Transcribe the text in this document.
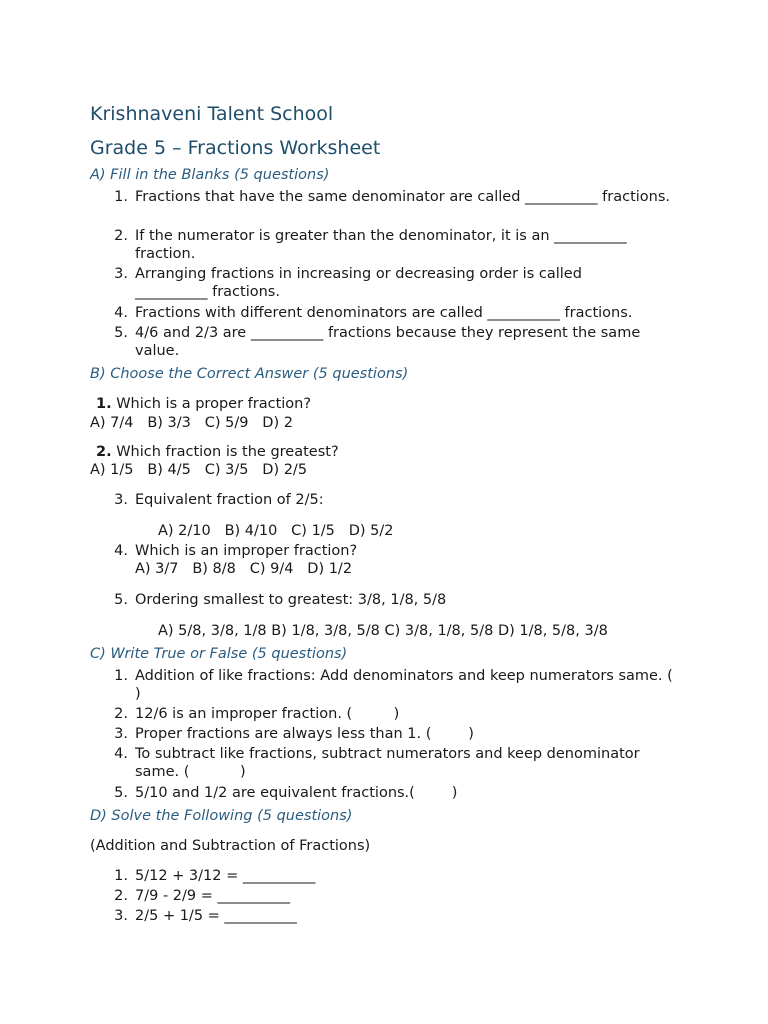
Krishnaveni Talent School
Grade 5 – Fractions Worksheet
A) Fill in the Blanks (5 questions)
1. Fractions that have the same denominator are called __________ fractions.
2. If the numerator is greater than the denominator, it is an __________ fraction.
3. Arranging fractions in increasing or decreasing order is called __________ fractions.
4. Fractions with different denominators are called __________ fractions.
5. 4/6 and 2/3 are __________ fractions because they represent the same value.
B) Choose the Correct Answer (5 questions)
1. Which is a proper fraction?
A) 7/4   B) 3/3   C) 5/9   D) 2
2. Which fraction is the greatest?
A) 1/5   B) 4/5   C) 3/5   D) 2/5
3. Equivalent fraction of 2/5:
A) 2/10   B) 4/10   C) 1/5   D) 5/2
4. Which is an improper fraction?
A) 3/7   B) 8/8   C) 9/4   D) 1/2
5. Ordering smallest to greatest: 3/8, 1/8, 5/8
A) 5/8, 3/8, 1/8 B) 1/8, 3/8, 5/8 C) 3/8, 1/8, 5/8 D) 1/8, 5/8, 3/8
C) Write True or False (5 questions)
1. Addition of like fractions: Add denominators and keep numerators same. (        )
2. 12/6 is an improper fraction. (         )
3. Proper fractions are always less than 1. (        )
4. To subtract like fractions, subtract numerators and keep denominator same. (           )
5. 5/10 and 1/2 are equivalent fractions.(        )
D) Solve the Following (5 questions)
(Addition and Subtraction of Fractions)
1. 5/12 + 3/12 = __________
2. 7/9 - 2/9 = __________
3. 2/5 + 1/5 = __________
